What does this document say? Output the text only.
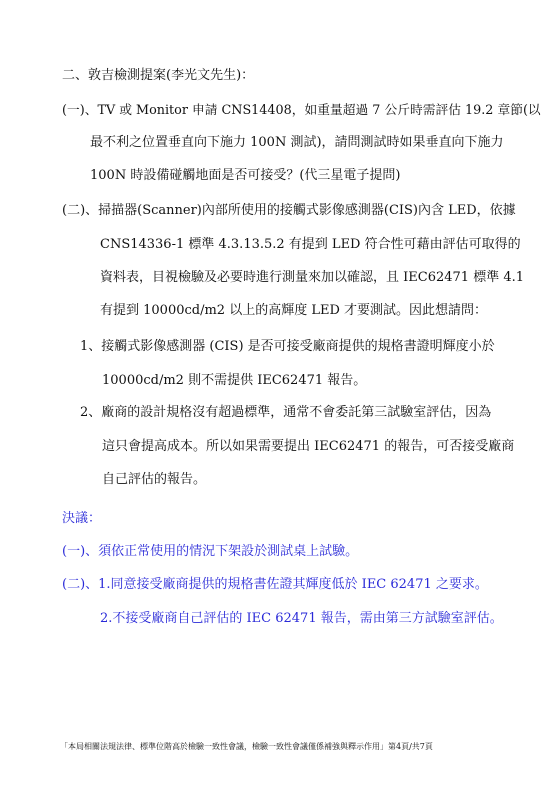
二、敦吉檢測提案(李光文先生)：
(一)、TV 或 Monitor 申請 CNS14408，如重量超過 7 公斤時需評估 19.2 章節(以
最不利之位置垂直向下施力 100N 測試)，請問測試時如果垂直向下施力
100N 時設備碰觸地面是否可接受？(代三星電子提問)
(二)、掃描器(Scanner)內部所使用的接觸式影像感測器(CIS)內含 LED，依據
CNS14336-1 標準 4.3.13.5.2 有提到 LED 符合性可藉由評估可取得的
資料表，目視檢驗及必要時進行測量來加以確認，且 IEC62471 標準 4.1
有提到 10000cd/m2 以上的高輝度 LED 才要測試。因此想請問：
1、接觸式影像感測器 (CIS) 是否可接受廠商提供的規格書證明輝度小於
10000cd/m2 則不需提供 IEC62471 報告。
2、廠商的設計規格沒有超過標準，通常不會委託第三試驗室評估，因為
這只會提高成本。所以如果需要提出 IEC62471 的報告，可否接受廠商
自己評估的報告。
決議：
(一)、須依正常使用的情況下架設於測試桌上試驗。
(二)、1.同意接受廠商提供的規格書佐證其輝度低於 IEC 62471 之要求。
2.不接受廠商自己評估的 IEC 62471 報告，需由第三方試驗室評估。
「本局相關法規法律、標準位階高於檢驗一致性會議，檢驗一致性會議僅係補強與釋示作用」第4頁/共7頁
